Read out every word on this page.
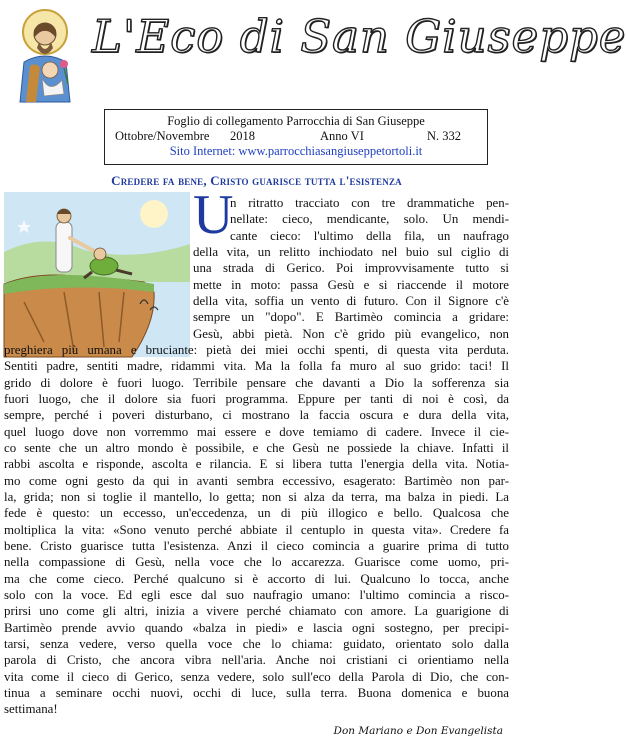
L'Eco di San Giuseppe
Foglio di collegamento Parrocchia di San Giuseppe
Ottobre/Novembre 2018	Anno VI	N. 332
Sito Internet: www.parrocchiasangiuseppetortoli.it
Credere fa bene, Cristo guarisce tutta l'esistenza
U
n ritratto tracciato con tre drammatiche pen-
nellate: cieco, mendicante, solo. Un mendi-
cante cieco: l'ultimo della fila, un naufrago
della vita, un relitto inchiodato nel buio sul ciglio di
una strada di Gerico. Poi improvvisamente tutto si
mette in moto: passa Gesù e si riaccende il motore
della vita, soffia un vento di futuro. Con il Signore c'è
sempre un "dopo". E Bartimèo comincia a gridare:
Gesù, abbi pietà. Non c'è grido più evangelico, non
preghiera più umana e bruciante: pietà dei miei occhi spenti, di questa vita perduta.
Sentiti padre, sentiti madre, ridammi vita. Ma la folla fa muro al suo grido: taci! Il
grido di dolore è fuori luogo. Terribile pensare che davanti a Dio la sofferenza sia
fuori luogo, che il dolore sia fuori programma. Eppure per tanti di noi è così, da
sempre, perché i poveri disturbano, ci mostrano la faccia oscura e dura della vita,
quel luogo dove non vorremmo mai essere e dove temiamo di cadere. Invece il cie-
co sente che un altro mondo è possibile, e che Gesù ne possiede la chiave. Infatti il
rabbi ascolta e risponde, ascolta e rilancia. E si libera tutta l'energia della vita. Notia-
mo come ogni gesto da qui in avanti sembra eccessivo, esagerato: Bartimèo non par-
la, grida; non si toglie il mantello, lo getta; non si alza da terra, ma balza in piedi. La
fede è questo: un eccesso, un'eccedenza, un di più illogico e bello. Qualcosa che
moltiplica la vita: «Sono venuto perché abbiate il centuplo in questa vita». Credere fa
bene. Cristo guarisce tutta l'esistenza. Anzi il cieco comincia a guarire prima di tutto
nella compassione di Gesù, nella voce che lo accarezza. Guarisce come uomo, pri-
ma che come cieco. Perché qualcuno si è accorto di lui. Qualcuno lo tocca, anche
solo con la voce. Ed egli esce dal suo naufragio umano: l'ultimo comincia a risco-
prirsi uno come gli altri, inizia a vivere perché chiamato con amore. La guarigione di
Bartimèo prende avvio quando «balza in piedi» e lascia ogni sostegno, per precipi-
tarsi, senza vedere, verso quella voce che lo chiama: guidato, orientato solo dalla
parola di Cristo, che ancora vibra nell'aria. Anche noi cristiani ci orientiamo nella
vita come il cieco di Gerico, senza vedere, solo sull'eco della Parola di Dio, che con-
tinua a seminare occhi nuovi, occhi di luce, sulla terra. Buona domenica e buona
settimana!
Don Mariano e Don Evangelista
